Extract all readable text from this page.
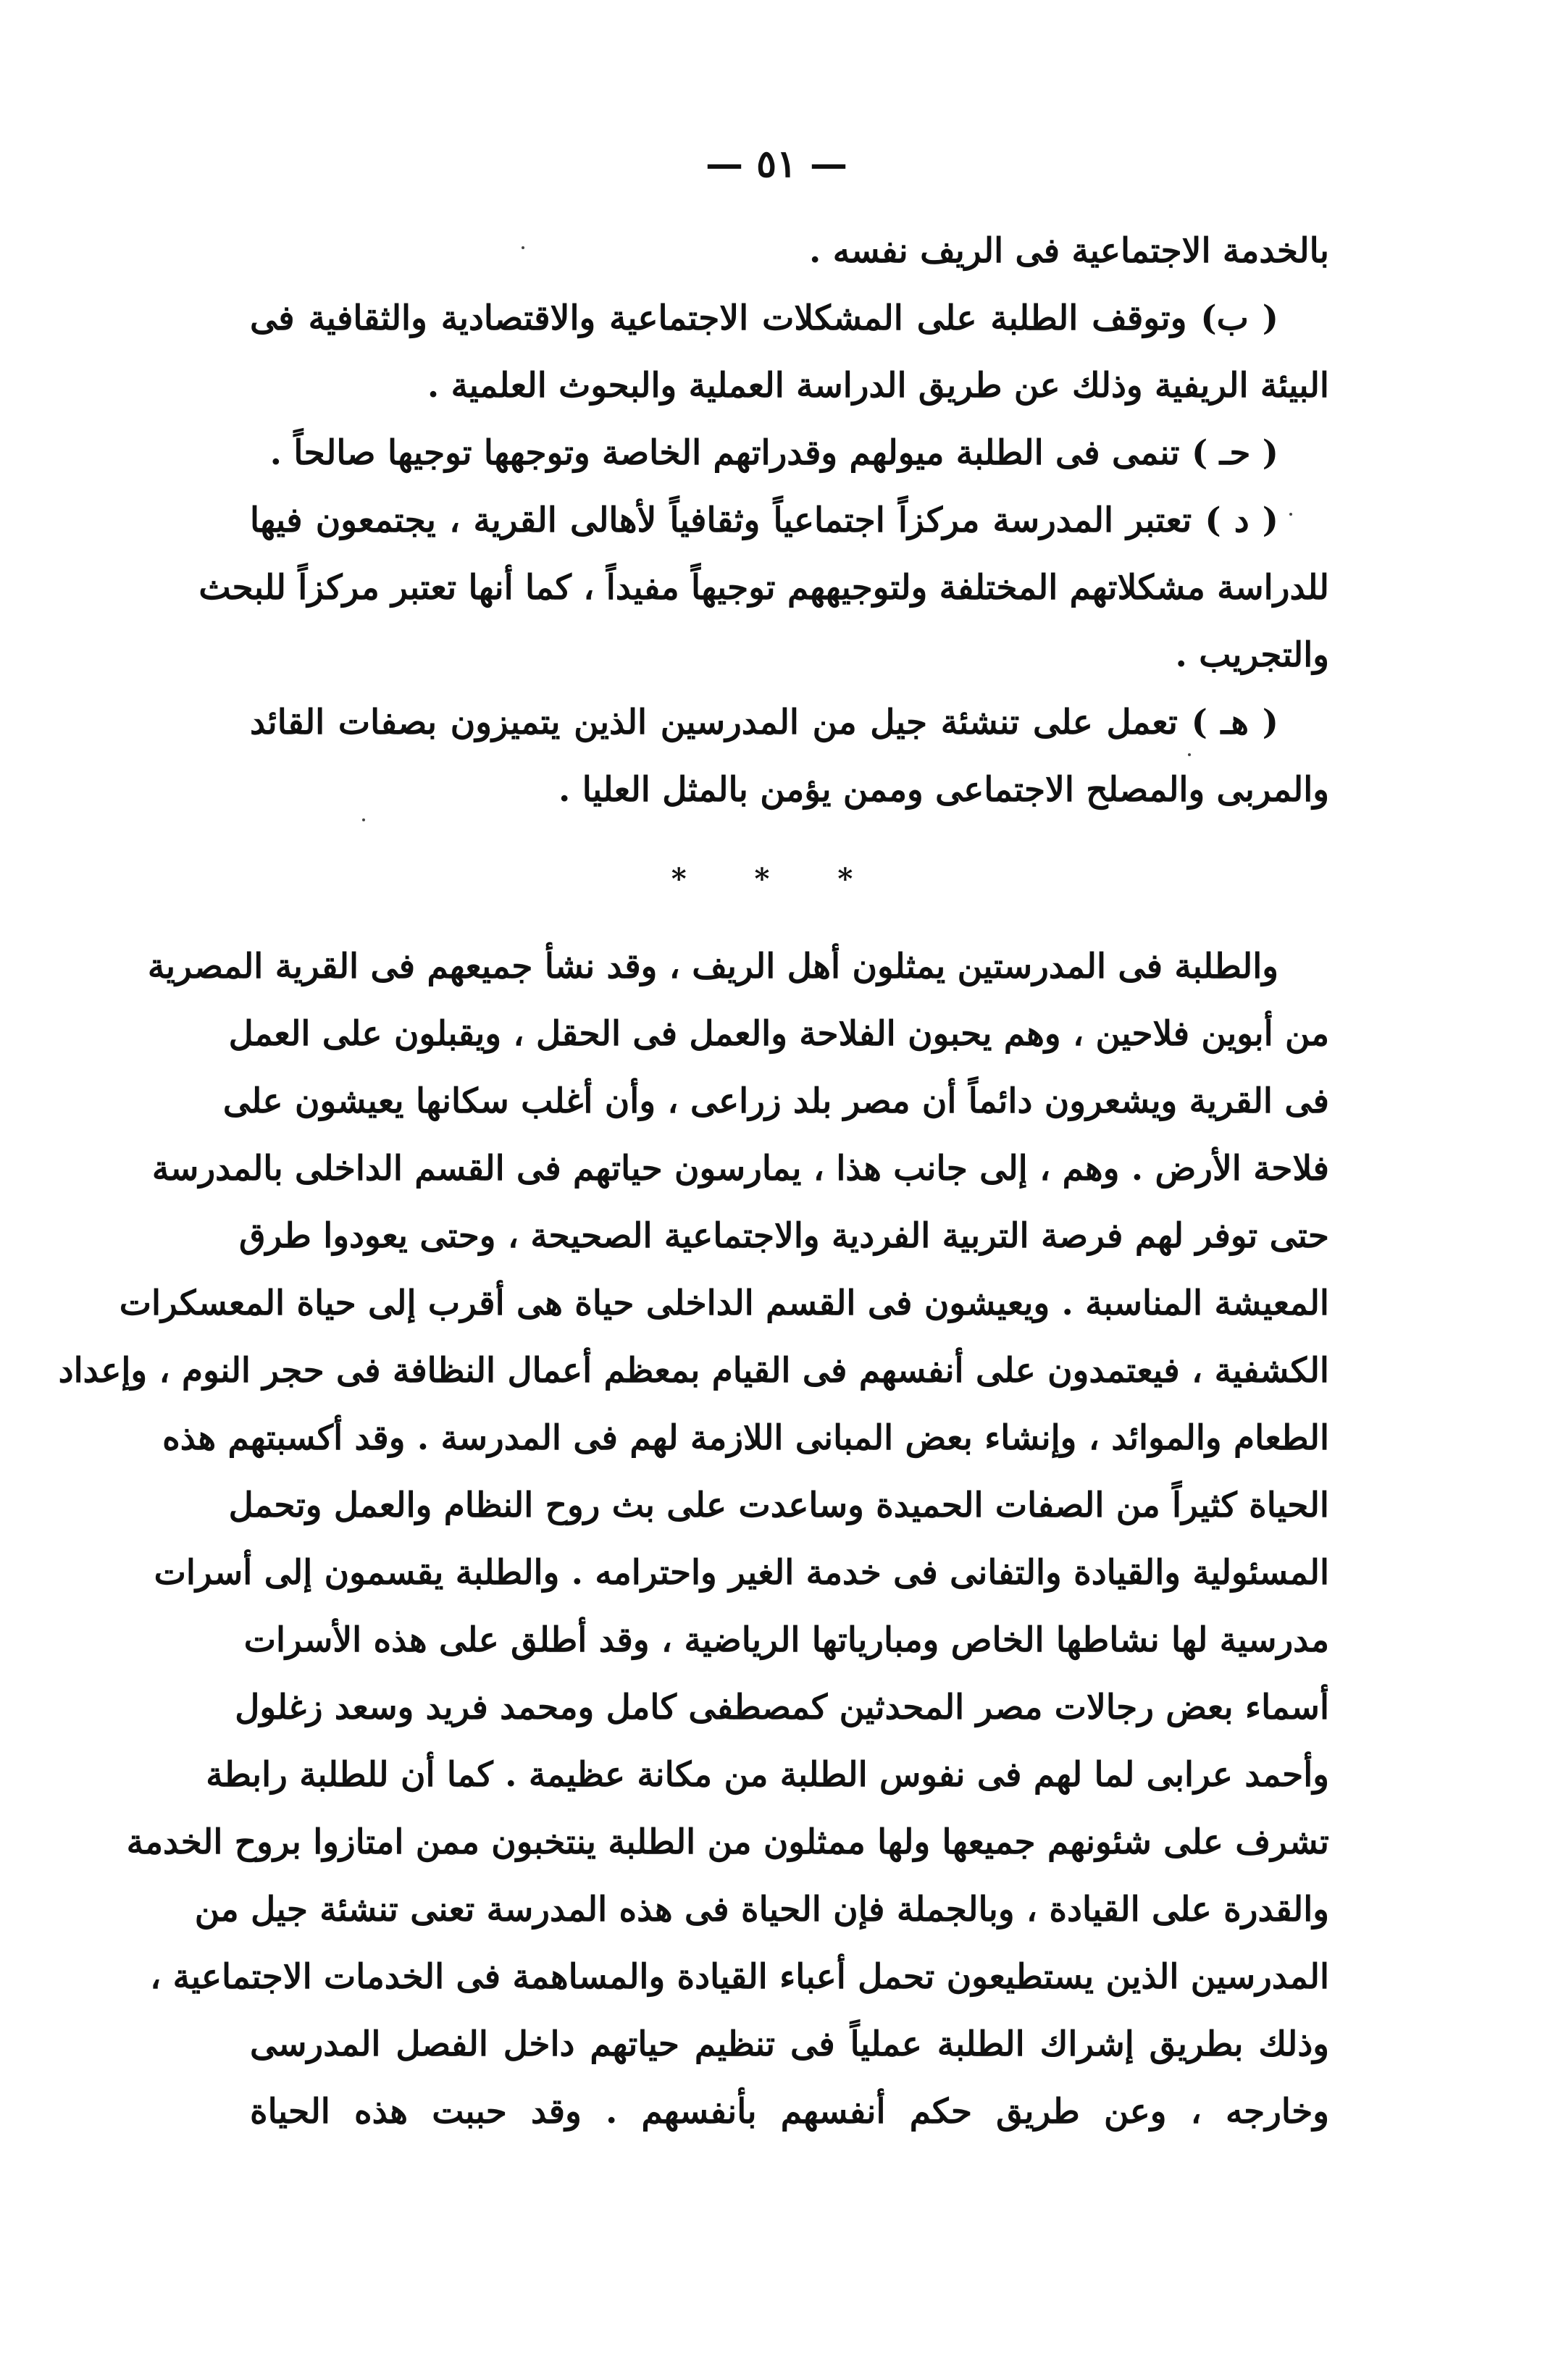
— ٥١ —
بالخدمة الاجتماعية فى الريف نفسه .
( ب) وتوقف الطلبة على المشكلات الاجتماعية والاقتصادية والثقافية فى
البيئة الريفية وذلك عن طريق الدراسة العملية والبحوث العلمية .
( حـ ) تنمى فى الطلبة ميولهم وقدراتهم الخاصة وتوجهها توجيها صالحاً .
( د ) تعتبر المدرسة مركزاً اجتماعياً وثقافياً لأهالى القرية ، يجتمعون فيها
للدراسة مشكلاتهم المختلفة ولتوجيههم توجيهاً مفيداً ، كما أنها تعتبر مركزاً للبحث
والتجريب .
( هـ ) تعمل على تنشئة جيل من المدرسين الذين يتميزون بصفات القائد
والمربى والمصلح الاجتماعى وممن يؤمن بالمثل العليا .
* * *
والطلبة فى المدرستين يمثلون أهل الريف ، وقد نشأ جميعهم فى القرية المصرية
من أبوين فلاحين ، وهم يحبون الفلاحة والعمل فى الحقل ، ويقبلون على العمل
فى القرية ويشعرون دائماً أن مصر بلد زراعى ، وأن أغلب سكانها يعيشون على
فلاحة الأرض . وهم ، إلى جانب هذا ، يمارسون حياتهم فى القسم الداخلى بالمدرسة
حتى توفر لهم فرصة التربية الفردية والاجتماعية الصحيحة ، وحتى يعودوا طرق
المعيشة المناسبة . ويعيشون فى القسم الداخلى حياة هى أقرب إلى حياة المعسكرات
الكشفية ، فيعتمدون على أنفسهم فى القيام بمعظم أعمال النظافة فى حجر النوم ، وإعداد
الطعام والموائد ، وإنشاء بعض المبانى اللازمة لهم فى المدرسة . وقد أكسبتهم هذه
الحياة كثيراً من الصفات الحميدة وساعدت على بث روح النظام والعمل وتحمل
المسئولية والقيادة والتفانى فى خدمة الغير واحترامه . والطلبة يقسمون إلى أسرات
مدرسية لها نشاطها الخاص ومبارياتها الرياضية ، وقد أطلق على هذه الأسرات
أسماء بعض رجالات مصر المحدثين كمصطفى كامل ومحمد فريد وسعد زغلول
وأحمد عرابى لما لهم فى نفوس الطلبة من مكانة عظيمة . كما أن للطلبة رابطة
تشرف على شئونهم جميعها ولها ممثلون من الطلبة ينتخبون ممن امتازوا بروح الخدمة
والقدرة على القيادة ، وبالجملة فإن الحياة فى هذه المدرسة تعنى تنشئة جيل من
المدرسين الذين يستطيعون تحمل أعباء القيادة والمساهمة فى الخدمات الاجتماعية ،
وذلك بطريق إشراك الطلبة عملياً فى تنظيم حياتهم داخل الفصل المدرسى
وخارجه ، وعن طريق حكم أنفسهم بأنفسهم . وقد حببت هذه الحياة
